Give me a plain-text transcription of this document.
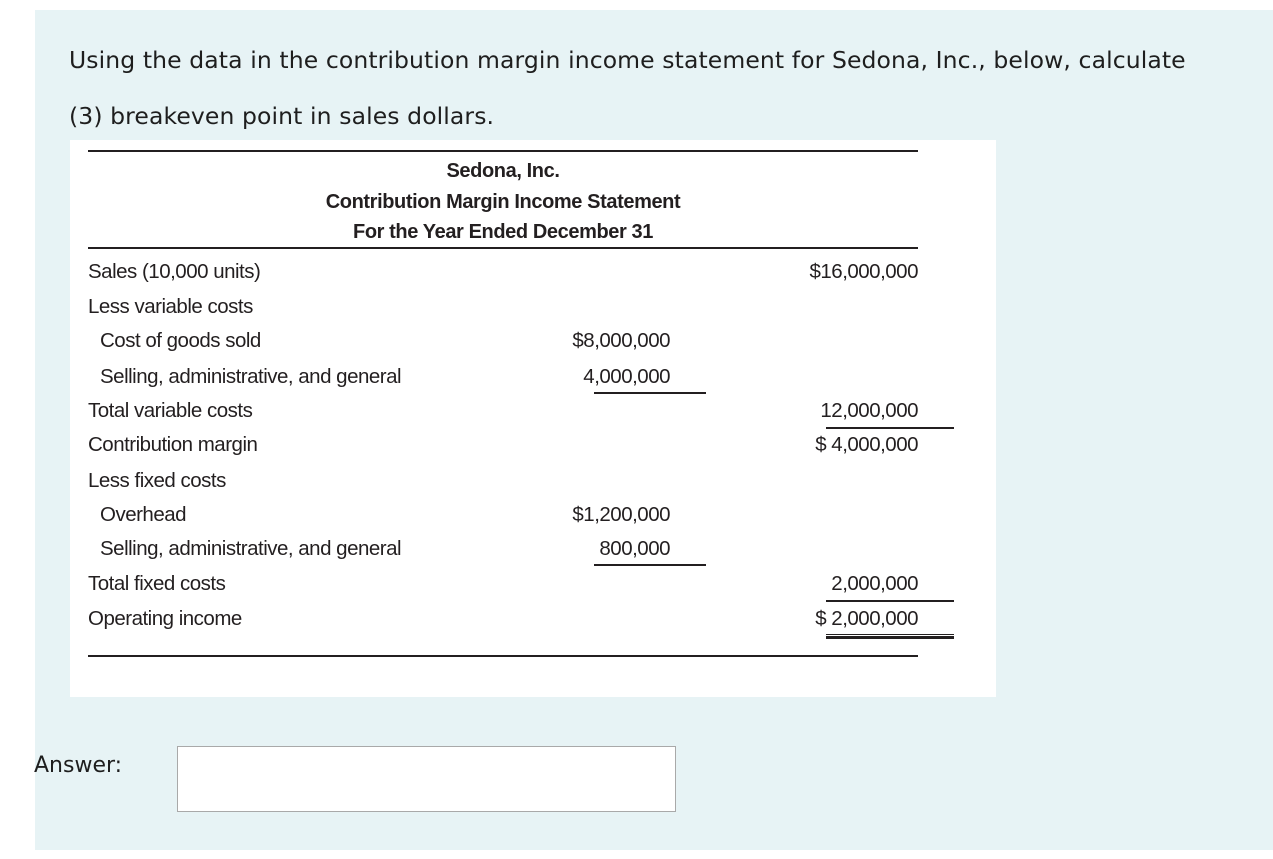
Using the data in the contribution margin income statement for Sedona, Inc., below, calculate

(3) breakeven point in sales dollars.

Sedona, Inc.
Contribution Margin Income Statement
For the Year Ended December 31
Sales (10,000 units)	$16,000,000
Less variable costs
Cost of goods sold	$8,000,000
Selling, administrative, and general	4,000,000
Total variable costs	12,000,000
Contribution margin	$ 4,000,000
Less fixed costs
Overhead	$1,200,000
Selling, administrative, and general	800,000
Total fixed costs	2,000,000
Operating income	$ 2,000,000
Answer:
